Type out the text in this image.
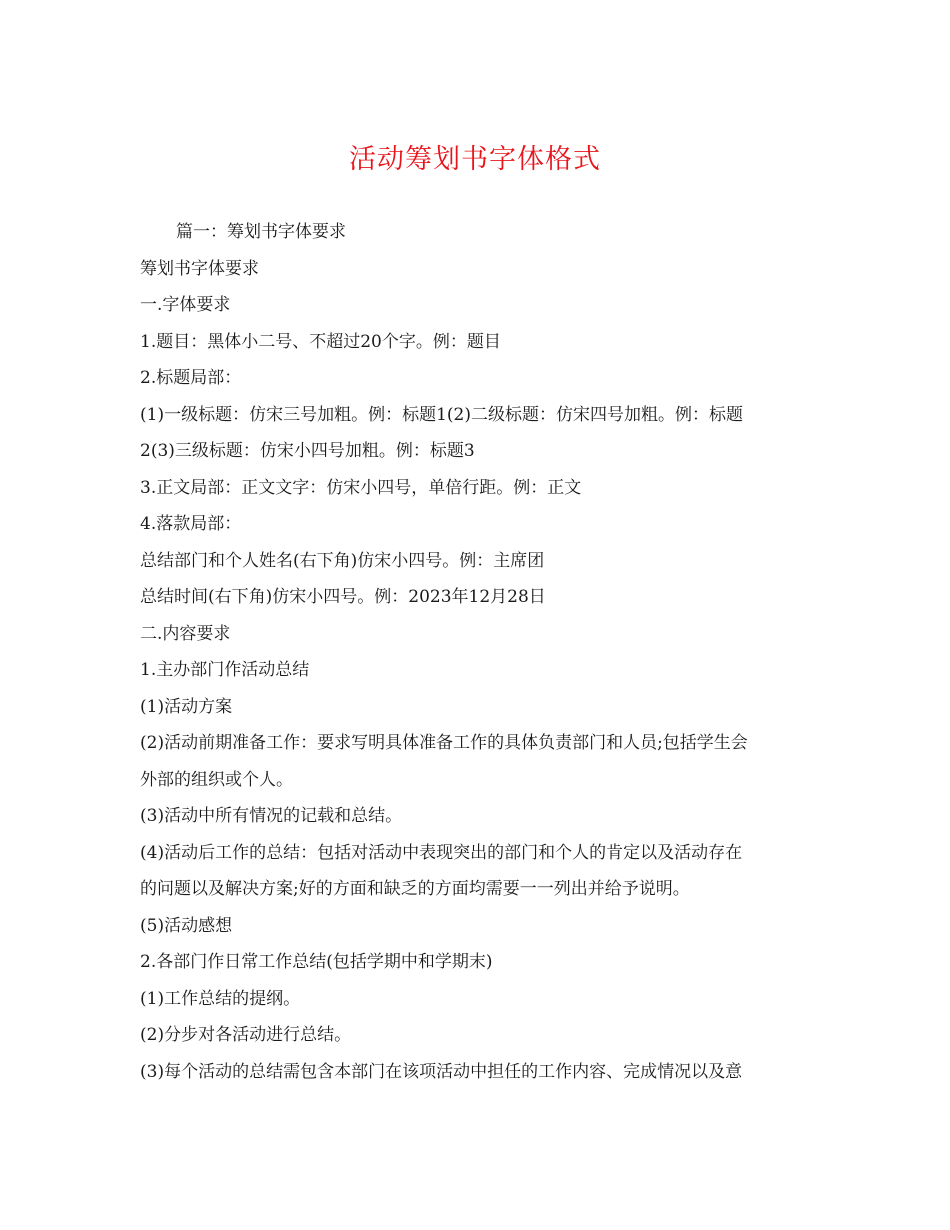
活动筹划书字体格式
篇一：筹划书字体要求
筹划书字体要求
一.字体要求
1.题目：黑体小二号、不超过20个字。例：题目
2.标题局部：
(1)一级标题：仿宋三号加粗。例：标题1(2)二级标题：仿宋四号加粗。例：标题
2(3)三级标题：仿宋小四号加粗。例：标题3
3.正文局部：正文文字：仿宋小四号，单倍行距。例：正文
4.落款局部：
总结部门和个人姓名(右下角)仿宋小四号。例：主席团
总结时间(右下角)仿宋小四号。例：2023年12月28日
二.内容要求
1.主办部门作活动总结
(1)活动方案
(2)活动前期准备工作：要求写明具体准备工作的具体负责部门和人员;包括学生会
外部的组织或个人。
(3)活动中所有情况的记载和总结。
(4)活动后工作的总结：包括对活动中表现突出的部门和个人的肯定以及活动存在
的问题以及解决方案;好的方面和缺乏的方面均需要一一列出并给予说明。
(5)活动感想
2.各部门作日常工作总结(包括学期中和学期末)
(1)工作总结的提纲。
(2)分步对各活动进行总结。
(3)每个活动的总结需包含本部门在该项活动中担任的工作内容、完成情况以及意
